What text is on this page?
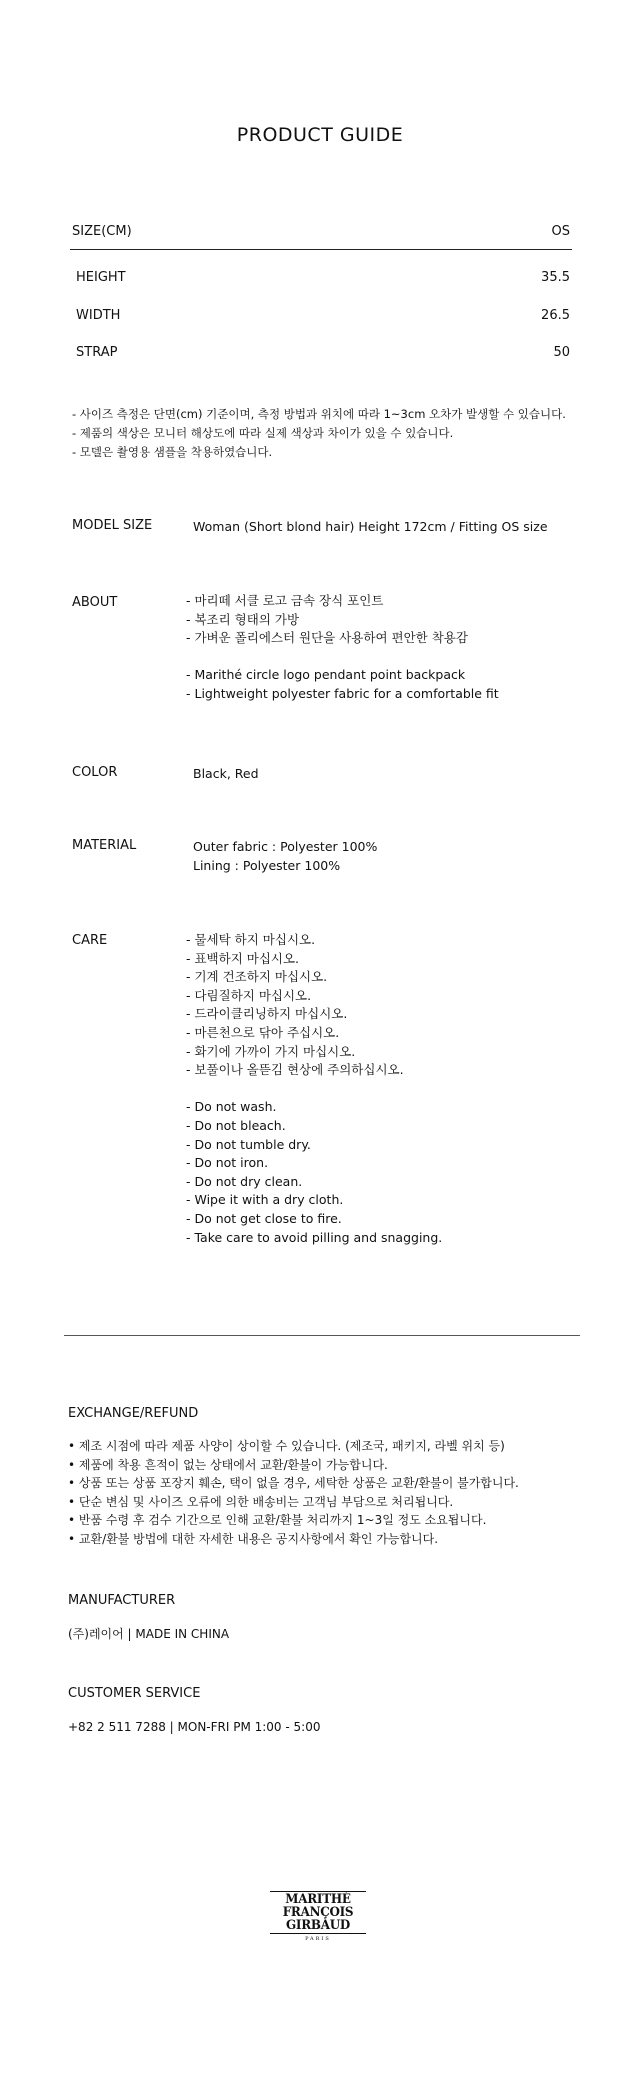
PRODUCT GUIDE
SIZE(CM)	OS
HEIGHT	35.5
WIDTH	26.5
STRAP	50
- 사이즈 측정은 단면(cm) 기준이며, 측정 방법과 위치에 따라 1~3cm 오차가 발생할 수 있습니다.
- 제품의 색상은 모니터 해상도에 따라 실제 색상과 차이가 있을 수 있습니다.
- 모델은 촬영용 샘플을 착용하였습니다.
MODEL SIZE	Woman (Short blond hair) Height 172cm / Fitting OS size
ABOUT	- 마리떼 서클 로고 금속 장식 포인트
- 복조리 형태의 가방
- 가벼운 폴리에스터 원단을 사용하여 편안한 착용감
- Marithé circle logo pendant point backpack
- Lightweight polyester fabric for a comfortable fit
COLOR	Black, Red
MATERIAL	Outer fabric : Polyester 100%
Lining : Polyester 100%
CARE	- 물세탁 하지 마십시오.
- 표백하지 마십시오.
- 기계 건조하지 마십시오.
- 다림질하지 마십시오.
- 드라이클리닝하지 마십시오.
- 마른천으로 닦아 주십시오.
- 화기에 가까이 가지 마십시오.
- 보풀이나 올뜯김 현상에 주의하십시오.
- Do not wash.
- Do not bleach.
- Do not tumble dry.
- Do not iron.
- Do not dry clean.
- Wipe it with a dry cloth.
- Do not get close to fire.
- Take care to avoid pilling and snagging.
EXCHANGE/REFUND
• 제조 시점에 따라 제품 사양이 상이할 수 있습니다. (제조국, 패키지, 라벨 위치 등)
• 제품에 착용 흔적이 없는 상태에서 교환/환불이 가능합니다.
• 상품 또는 상품 포장지 훼손, 택이 없을 경우, 세탁한 상품은 교환/환불이 불가합니다.
• 단순 변심 및 사이즈 오류에 의한 배송비는 고객님 부담으로 처리됩니다.
• 반품 수령 후 검수 기간으로 인해 교환/환불 처리까지 1~3일 정도 소요됩니다.
• 교환/환불 방법에 대한 자세한 내용은 공지사항에서 확인 가능합니다.
MANUFACTURER
(주)레이어 | MADE IN CHINA
CUSTOMER SERVICE
+82 2 511 7288 | MON-FRI PM 1:00 - 5:00
MARITHÉ
FRANÇOIS
GIRBAUD
PARIS
